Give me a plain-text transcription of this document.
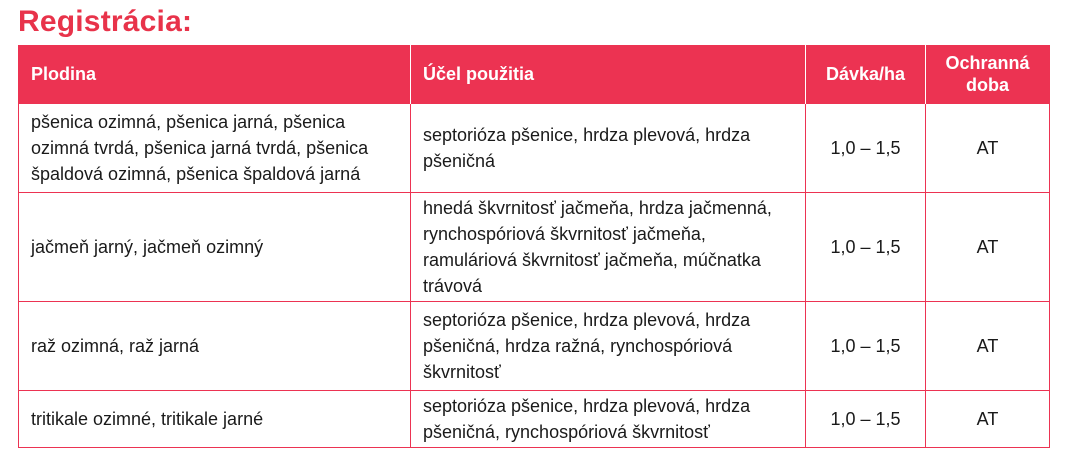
Registrácia:
Plodina	Účel použitia	Dávka/ha	Ochranná doba
pšenica ozimná, pšenica jarná, pšenica ozimná tvrdá, pšenica jarná tvrdá, pšenica špaldová ozimná, pšenica špaldová jarná	septorióza pšenice, hrdza plevová, hrdza pšeničná	1,0 – 1,5	AT
jačmeň jarný, jačmeň ozimný	hnedá škvrnitosť jačmeňa, hrdza jačmenná, rynchospóriová škvrnitosť jačmeňa, ramuláriová škvrnitosť jačmeňa, múčnatka trávová	1,0 – 1,5	AT
raž ozimná, raž jarná	septorióza pšenice, hrdza plevová, hrdza pšeničná, hrdza ražná, rynchospóriová škvrnitosť	1,0 – 1,5	AT
tritikale ozimné, tritikale jarné	septorióza pšenice, hrdza plevová, hrdza pšeničná, rynchospóriová škvrnitosť	1,0 – 1,5	AT
